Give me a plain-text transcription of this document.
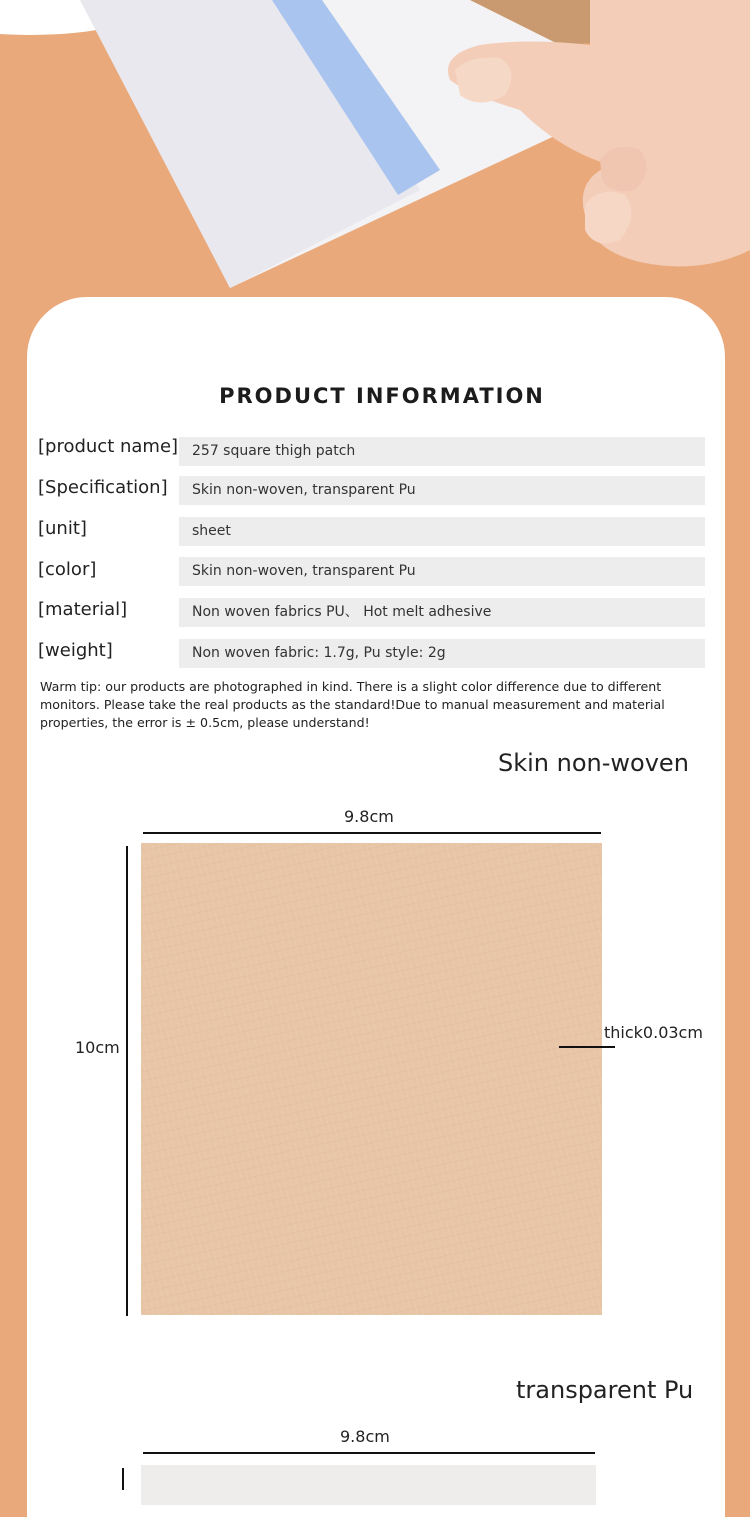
PRODUCT INFORMATION
[product name] 257 square thigh patch
[Specification]	Skin non-woven, transparent Pu
[unit]	sheet
[color]	Skin non-woven, transparent Pu
[material]	Non woven fabrics PU、 Hot melt adhesive
[weight]	Non woven fabric: 1.7g, Pu style: 2g
Warm tip: our products are photographed in kind. There is a slight color difference due to different monitors. Please take the real products as the standard!Due to manual measurement and material properties, the error is ± 0.5cm, please understand!
Skin non-woven
9.8cm
10cm
thick0.03cm
transparent Pu
9.8cm
